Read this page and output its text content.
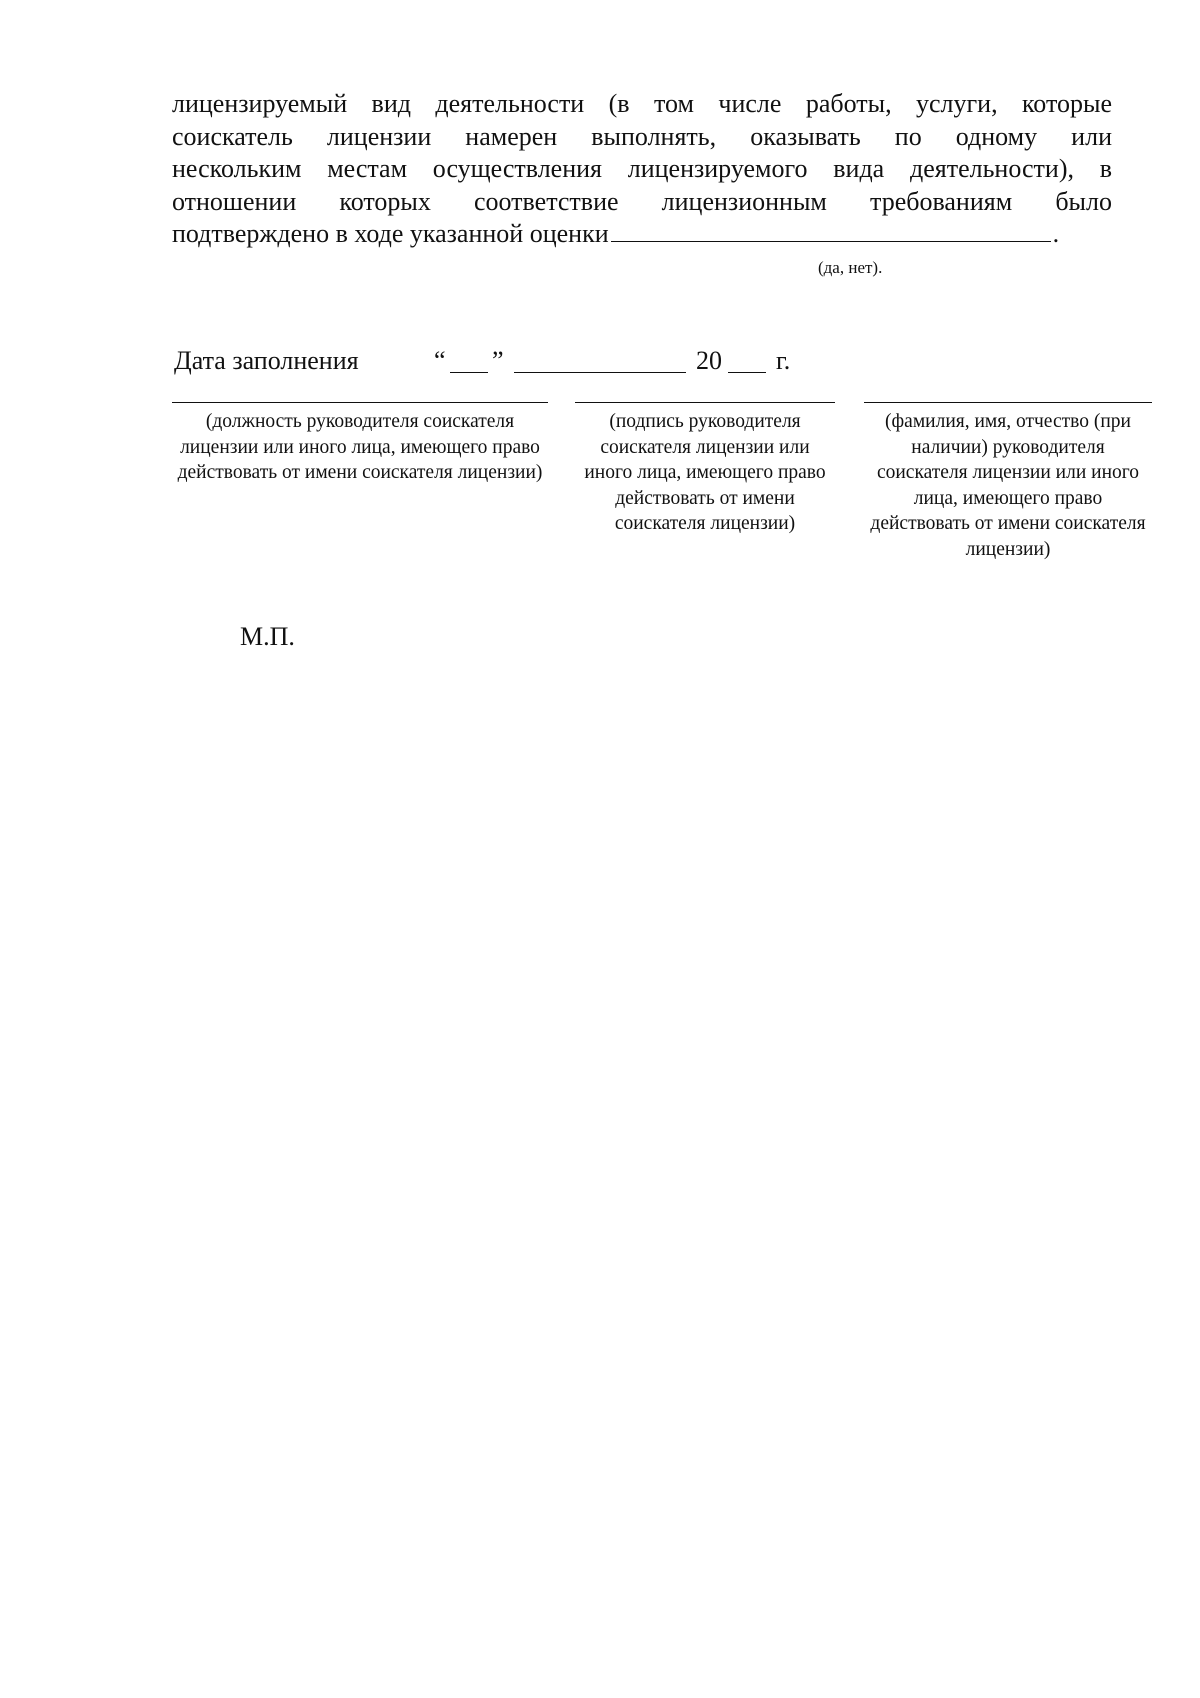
лицензируемый вид деятельности (в том числе работы, услуги, которые
соискатель лицензии намерен выполнять, оказывать по одному или
нескольким местам осуществления лицензируемого вида деятельности), в
отношении которых соответствие лицензионным требованиям было
подтверждено в ходе указанной оценки	.
(да, нет).
Дата заполнения	“ ”	20 г.
(должность руководителя соискателя лицензии или иного лица, имеющего право действовать от имени соискателя лицензии)
(подпись руководителя соискателя лицензии или иного лица, имеющего право действовать от имени соискателя лицензии)
(фамилия, имя, отчество (при наличии) руководителя соискателя лицензии или иного лица, имеющего право действовать от имени соискателя лицензии)
М.П.
